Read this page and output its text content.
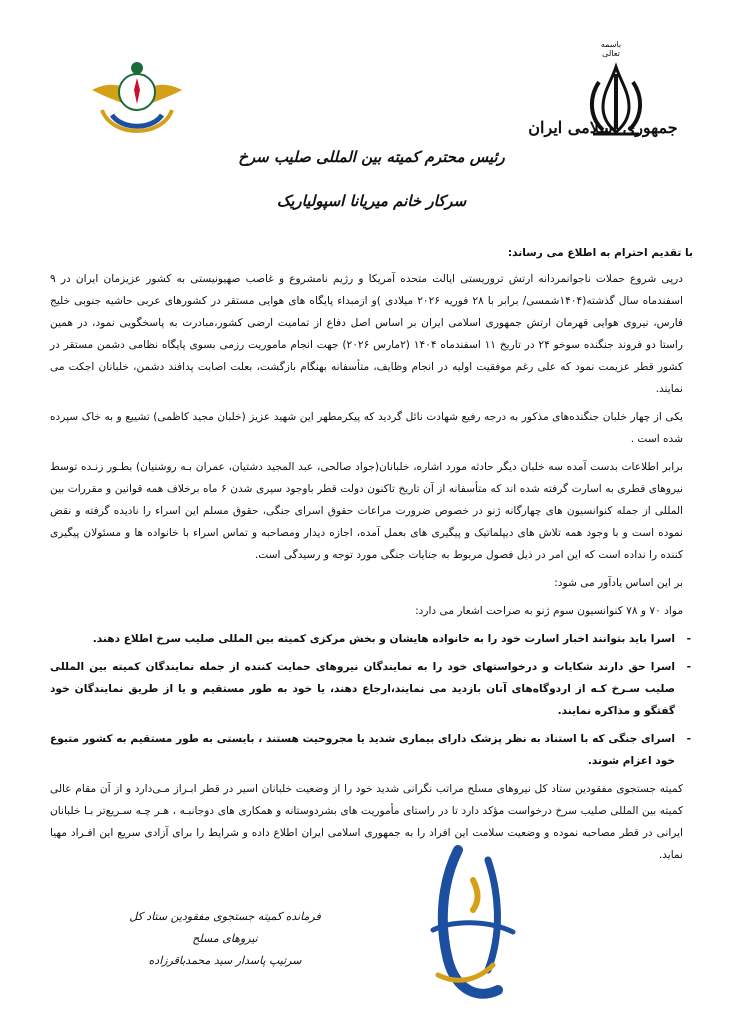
باسمه تعالی
جمهوری اسلامی ایران
رئیس محترم کمیته بین المللی صلیب سرخ
سرکار خانم میریانا اسپولیاریک

با تقدیم احترام به اطلاع می رساند:

درپی شروع حملات ناجوانمردانه ارتش تروریستی ایالت متحده آمریکا و رژیم نامشروع و غاصب صهیونیستی به کشور عزیزمان ایران در ۹ اسفندماه سال گذشته(۱۴۰۴شمسی/ برابر با ۲۸ فوریه ۲۰۲۶ میلادی )و ازمبداء پایگاه های هوایی مستقر در کشورهای عربی حاشیه جنوبی خلیج فارس، نیروی هوایی قهرمان ارتش جمهوری اسلامی ایران بر اساس اصل دفاع از تمامیت ارضی کشور،مبادرت به پاسخگویی نمود، در همین راستا دو فروند جنگنده سوخو ۲۴ در تاریخ ۱۱ اسفندماه ۱۴۰۴ (۲مارس ۲۰۲۶) جهت انجام ماموریت رزمی بسوی پایگاه نظامی دشمن مستقر در کشور قطر عزیمت نمود که علی رغم موفقیت اولیه در انجام وظایف، متأسفانه بهنگام بازگشت، بعلت اصابت پدافند دشمن، خلبانان اجکت می نمایند.

یکی از چهار خلبان جنگنده‌های مذکور به درجه رفیع شهادت نائل گردید که پیکرمطهر این شهید عزیز (خلبان مجید کاظمی) تشییع و به خاک سپرده شده است .

برابر اطلاعات بدست آمده سه خلبان دیگر حادثه مورد اشاره، خلبانان(جواد صالحی، عبد المجید دشتیان، عمران بـه روشنیان) بطـور زنـده توسط نیروهای قطری به اسارت گرفته شده اند که متأسفانه از آن تاریخ تاکنون دولت قطر باوجود سپری شدن ۶ ماه برخلاف همه قوانین و مقررات بین المللی از جمله کنوانسیون های چهارگانه ژنو در خصوص ضرورت مراعات حقوق اسرای جنگی، حقوق مسلم این اسراء را نادیده گرفته و نقض نموده است و با وجود همه تلاش های دیپلماتیک و پیگیری های بعمل آمده، اجازه دیدار ومصاحبه و تماس اسراء با خانواده ها و مسئولان پیگیری کننده را نداده است که این امر در ذیل فصول مربوط به جنایات جنگی مورد توجه و رسیدگی است.

بر این اساس یادآور می شود:

مواد ۷۰ و ۷۸ کنوانسیون سوم ژنو به صراحت اشعار می دارد:

- اسرا باید بتوانند اخبار اسارت خود را به خانواده هایشان و بخش مرکزی کمیته بین المللی صلیب سرخ اطلاع دهند.
- اسرا حق دارند شکایات و درخواستهای خود را به نمایندگان نیروهای حمایت کننده از جمله نمایندگان کمیته بین المللی صلیب سـرخ کـه از اردوگاه‌های آنان بازدید می نمایند،ارجاع دهند، یا خود به طور مستقیم و یا از طریق نمایندگان خود گفتگو و مذاکره نمایند.
- اسرای جنگی که با استناد به نظر پزشک دارای بیماری شدید یا مجروحیت هستند ، بایستی به طور مستقیم به کشور متبوع خود اعزام شوند.

کمیته جستجوی مفقودین ستاد کل نیروهای مسلح مراتب نگرانی شدید خود را از وضعیت خلبانان اسیر در قطر ابـراز مـی‌دارد و از آن مقام عالی کمیته بین المللی صلیب سرخ درخواست مؤکد دارد تا در راستای مأموریت های بشردوستانه و همکاری های دوجانبـه ، هـر چـه سـریع‌تر بـا خلبانان ایرانی در قطر مصاحبه نموده و وضعیت سلامت این افراد را به جمهوری اسلامی ایران اطلاع داده و شرایط را برای آزادی سریع این افـراد مهیا نماید.

فرمانده کمیته جستجوی مفقودین ستاد کل نیروهای مسلح
سرتیپ پاسدار سید محمدباقرزاده
